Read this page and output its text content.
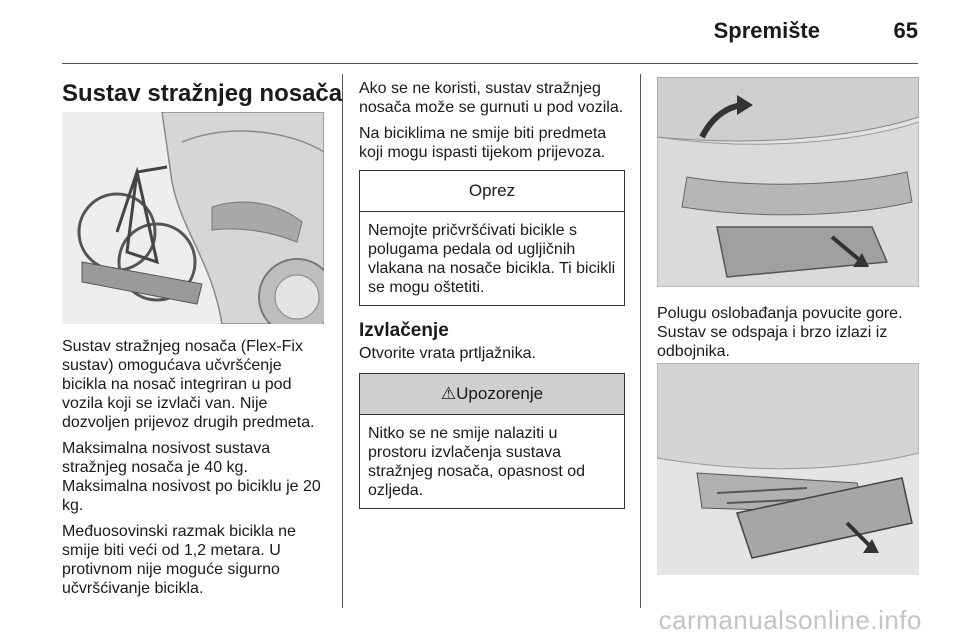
Spremište	65
Sustav stražnjeg nosača

Sustav stražnjeg nosača (Flex-Fix sustav) omogućava učvršćenje bicikla na nosač integriran u pod vozila koji se izvlači van. Nije dozvoljen prijevoz drugih predmeta.

Maksimalna nosivost sustava stražnjeg nosača je 40 kg. Maksimalna nosivost po biciklu je 20 kg.

Međuosovinski razmak bicikla ne smije biti veći od 1,2 metara. U protivnom nije moguće sigurno učvršćivanje bicikla.

Ako se ne koristi, sustav stražnjeg nosača može se gurnuti u pod vozila.

Na biciklima ne smije biti predmeta koji mogu ispasti tijekom prijevoza.

Oprez
Nemojte pričvršćivati bicikle s polugama pedala od ugljičnih vlakana na nosače bicikla. Ti bicikli se mogu oštetiti.
Izvlačenje

Otvorite vrata prtljažnika.

⚠Upozorenje
Nitko se ne smije nalaziti u prostoru izvlačenja sustava stražnjeg nosača, opasnost od ozljeda.

Polugu oslobađanja povucite gore. Sustav se odspaja i brzo izlazi iz odbojnika.

carmanualsonline.info
